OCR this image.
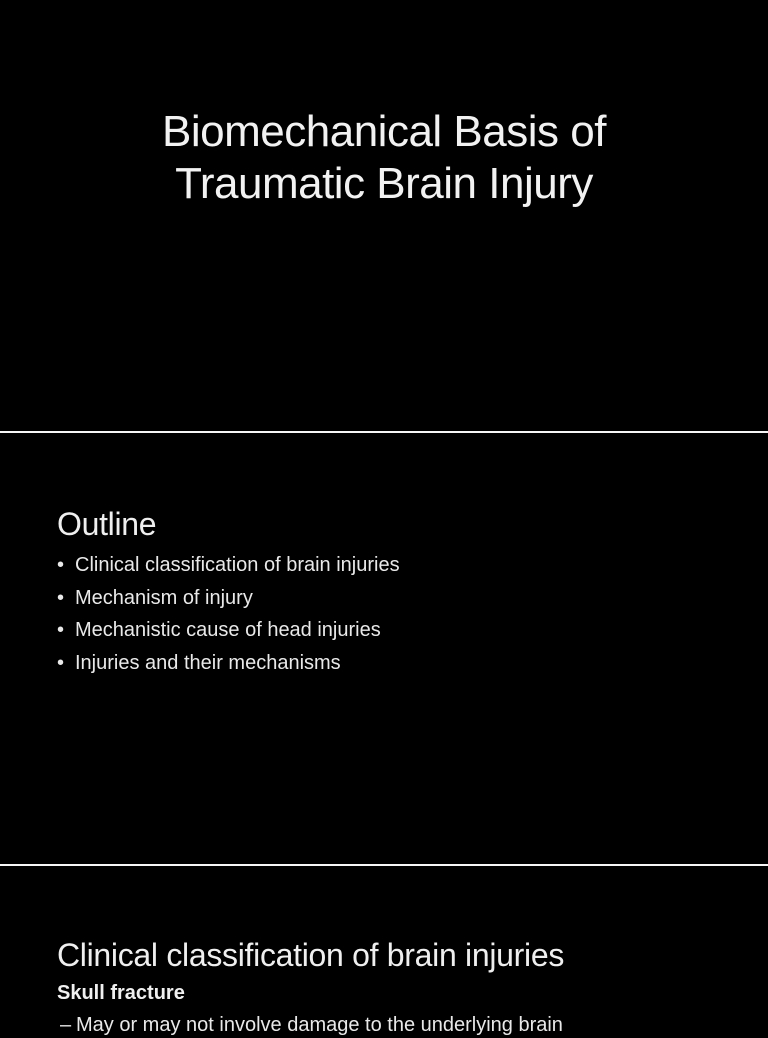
Biomechanical Basis of
Traumatic Brain Injury
Outline
• Clinical classification of brain injuries
• Mechanism of injury
• Mechanistic cause of head injuries
• Injuries and their mechanisms
Clinical classification of brain injuries
Skull fracture
– May or may not involve damage to the underlying brain
